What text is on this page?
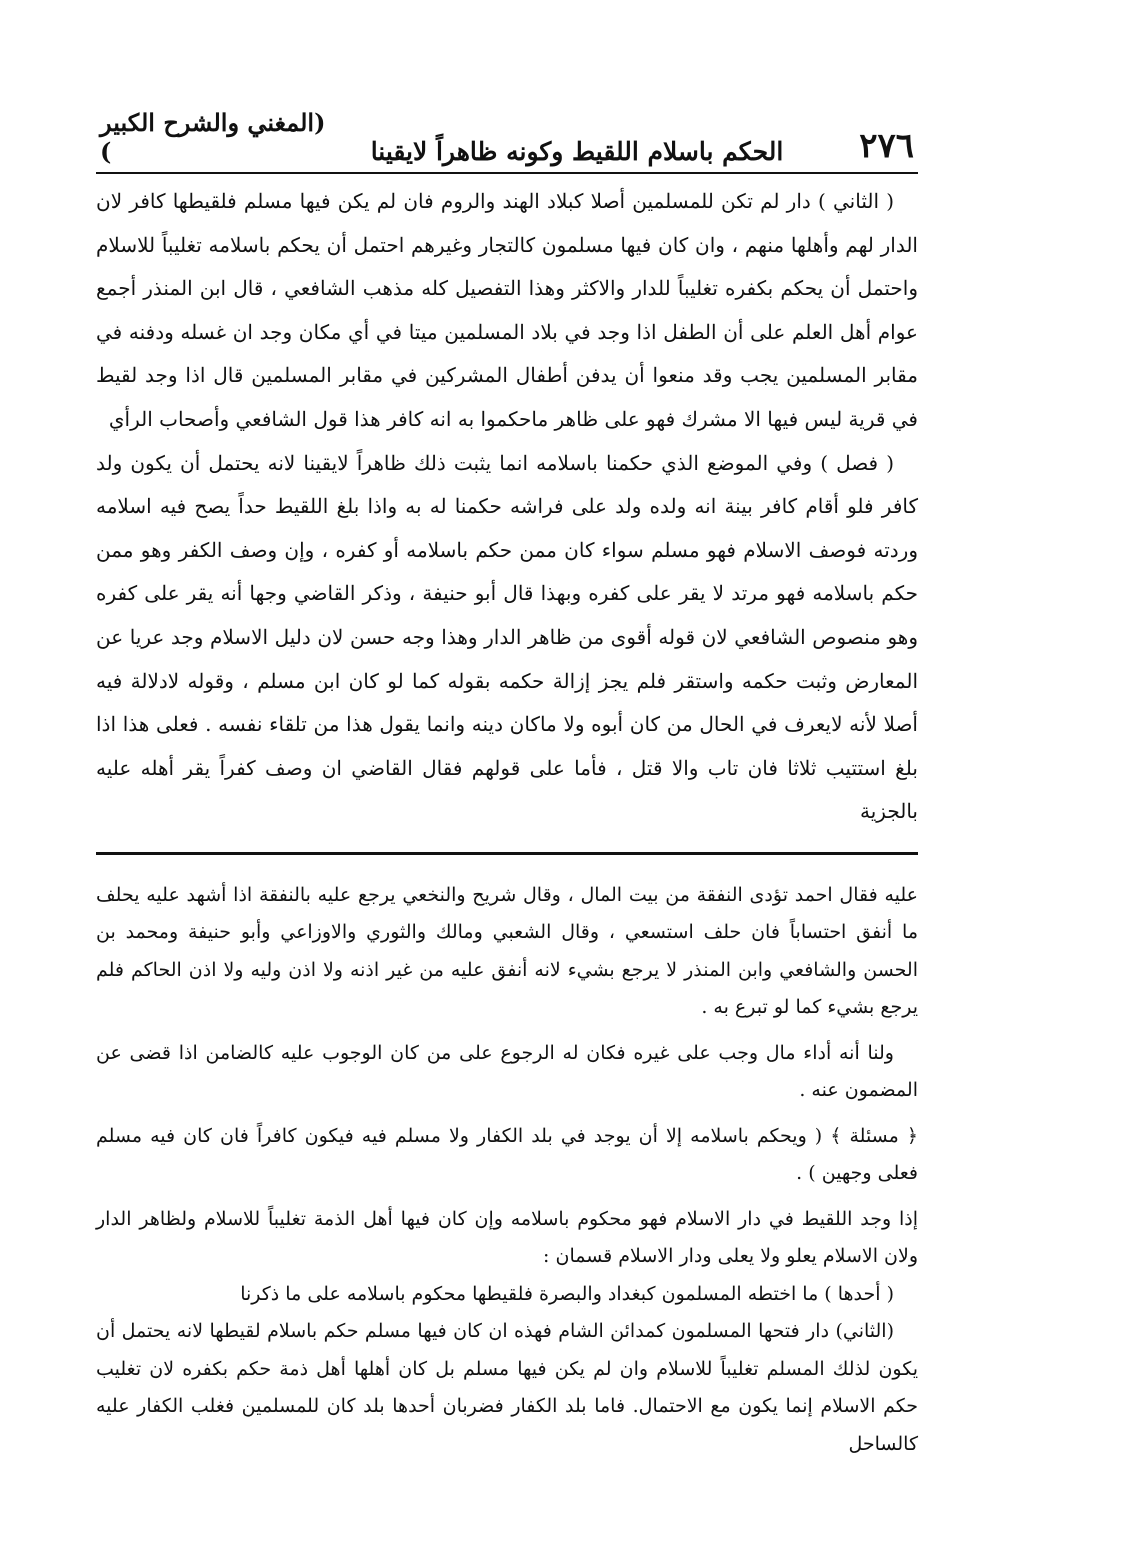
٢٧٦
الحكم باسلام اللقيط وكونه ظاهراً لايقينا
(المغني والشرح الكبير )

( الثاني ) دار لم تكن للمسلمين أصلا كبلاد الهند والروم فان لم يكن فيها مسلم فلقيطها كافر لان الدار لهم وأهلها منهم ، وان كان فيها مسلمون كالتجار وغيرهم احتمل أن يحكم باسلامه تغليباً للاسلام واحتمل أن يحكم بكفره تغليباً للدار والاكثر وهذا التفصيل كله مذهب الشافعي ، قال ابن المنذر أجمع عوام أهل العلم على أن الطفل اذا وجد في بلاد المسلمين ميتا في أي مكان وجد ان غسله ودفنه في مقابر المسلمين يجب وقد منعوا أن يدفن أطفال المشركين في مقابر المسلمين قال اذا وجد لقيط في قرية ليس فيها الا مشرك فهو على ظاهر ماحكموا به انه كافر هذا قول الشافعي وأصحاب الرأي

( فصل ) وفي الموضع الذي حكمنا باسلامه انما يثبت ذلك ظاهراً لايقينا لانه يحتمل أن يكون ولد كافر فلو أقام كافر بينة انه ولده ولد على فراشه حكمنا له به واذا بلغ اللقيط حداً يصح فيه اسلامه وردته فوصف الاسلام فهو مسلم سواء كان ممن حكم باسلامه أو كفره ، وإن وصف الكفر وهو ممن حكم باسلامه فهو مرتد لا يقر على كفره وبهذا قال أبو حنيفة ، وذكر القاضي وجها أنه يقر على كفره وهو منصوص الشافعي لان قوله أقوى من ظاهر الدار وهذا وجه حسن لان دليل الاسلام وجد عريا عن المعارض وثبت حكمه واستقر فلم يجز إزالة حكمه بقوله كما لو كان ابن مسلم ، وقوله لادلالة فيه أصلا لأنه لايعرف في الحال من كان أبوه ولا ماكان دينه وانما يقول هذا من تلقاء نفسه . فعلى هذا اذا بلغ استتيب ثلاثا فان تاب والا قتل ، فأما على قولهم فقال القاضي ان وصف كفراً يقر أهله عليه بالجزية

عليه فقال احمد تؤدى النفقة من بيت المال ، وقال شريح والنخعي يرجع عليه بالنفقة اذا أشهد عليه يحلف ما أنفق احتساباً فان حلف استسعي ، وقال الشعبي ومالك والثوري والاوزاعي وأبو حنيفة ومحمد بن الحسن والشافعي وابن المنذر لا يرجع بشيء لانه أنفق عليه من غير اذنه ولا اذن وليه ولا اذن الحاكم فلم يرجع بشيء كما لو تبرع به .

ولنا أنه أداء مال وجب على غيره فكان له الرجوع على من كان الوجوب عليه كالضامن اذا قضى عن المضمون عنه .

﴿ مسئلة ﴾ ( ويحكم باسلامه إلا أن يوجد في بلد الكفار ولا مسلم فيه فيكون كافراً فان كان فيه مسلم فعلى وجهين ) .

إذا وجد اللقيط في دار الاسلام فهو محكوم باسلامه وإن كان فيها أهل الذمة تغليباً للاسلام ولظاهر الدار ولان الاسلام يعلو ولا يعلى ودار الاسلام قسمان :

( أحدها ) ما اختطه المسلمون كبغداد والبصرة فلقيطها محكوم باسلامه على ما ذكرنا

(الثاني) دار فتحها المسلمون كمدائن الشام فهذه ان كان فيها مسلم حكم باسلام لقيطها لانه يحتمل أن يكون لذلك المسلم تغليباً للاسلام وان لم يكن فيها مسلم بل كان أهلها أهل ذمة حكم بكفره لان تغليب حكم الاسلام إنما يكون مع الاحتمال. فاما بلد الكفار فضربان أحدها بلد كان للمسلمين فغلب الكفار عليه كالساحل
